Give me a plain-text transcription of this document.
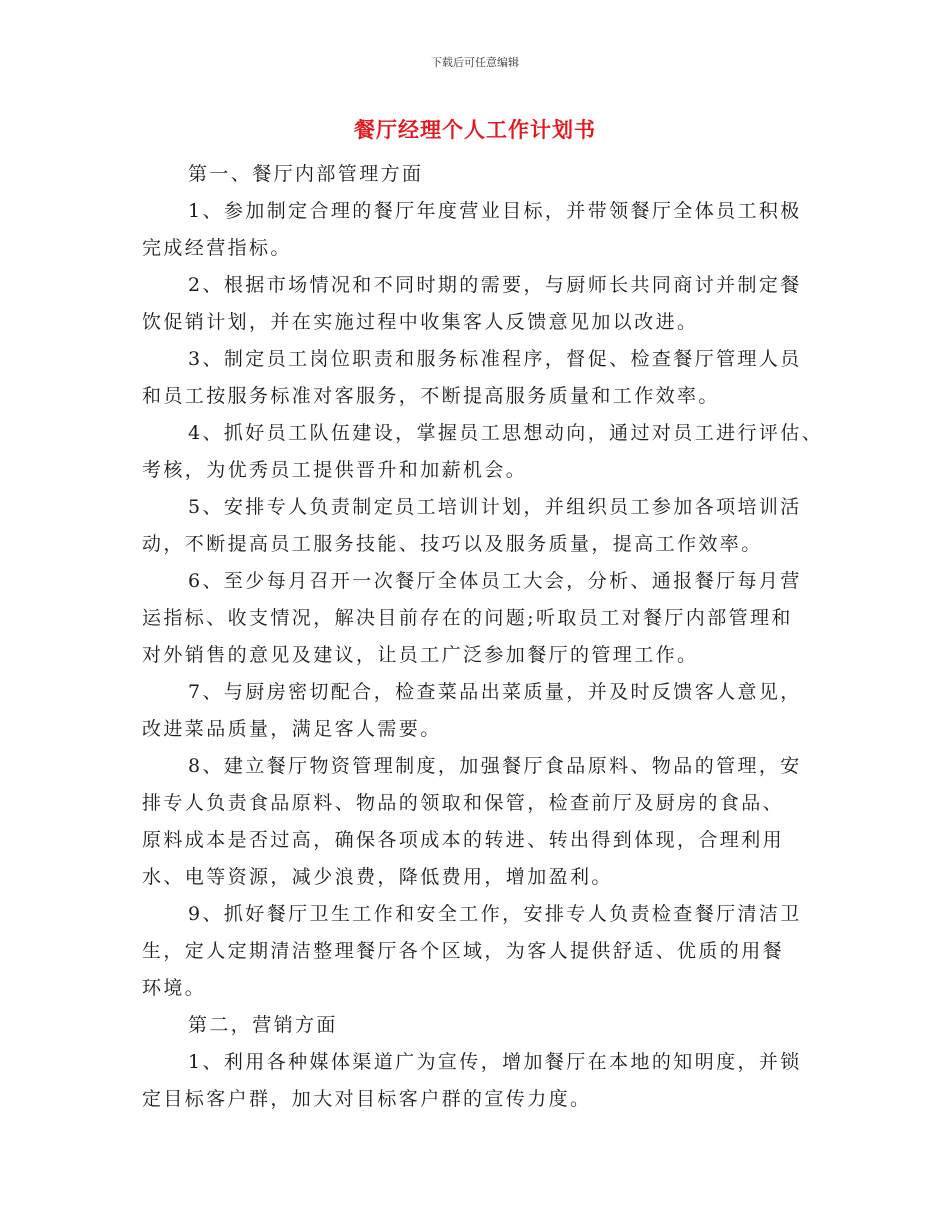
下载后可任意编辑
餐厅经理个人工作计划书
第一、餐厅内部管理方面
1、参加制定合理的餐厅年度营业目标，并带领餐厅全体员工积极
完成经营指标。
2、根据市场情况和不同时期的需要，与厨师长共同商讨并制定餐
饮促销计划，并在实施过程中收集客人反馈意见加以改进。
3、制定员工岗位职责和服务标准程序，督促、检查餐厅管理人员
和员工按服务标准对客服务，不断提高服务质量和工作效率。
4、抓好员工队伍建设，掌握员工思想动向，通过对员工进行评估、
考核，为优秀员工提供晋升和加薪机会。
5、安排专人负责制定员工培训计划，并组织员工参加各项培训活
动，不断提高员工服务技能、技巧以及服务质量，提高工作效率。
6、至少每月召开一次餐厅全体员工大会，分析、通报餐厅每月营
运指标、收支情况，解决目前存在的问题;听取员工对餐厅内部管理和
对外销售的意见及建议，让员工广泛参加餐厅的管理工作。
7、与厨房密切配合，检查菜品出菜质量，并及时反馈客人意见，
改进菜品质量，满足客人需要。
8、建立餐厅物资管理制度，加强餐厅食品原料、物品的管理，安
排专人负责食品原料、物品的领取和保管，检查前厅及厨房的食品、
原料成本是否过高，确保各项成本的转进、转出得到体现，合理利用
水、电等资源，减少浪费，降低费用，增加盈利。
9、抓好餐厅卫生工作和安全工作，安排专人负责检查餐厅清洁卫
生，定人定期清洁整理餐厅各个区域，为客人提供舒适、优质的用餐
环境。
第二，营销方面
1、利用各种媒体渠道广为宣传，增加餐厅在本地的知明度，并锁
定目标客户群，加大对目标客户群的宣传力度。
